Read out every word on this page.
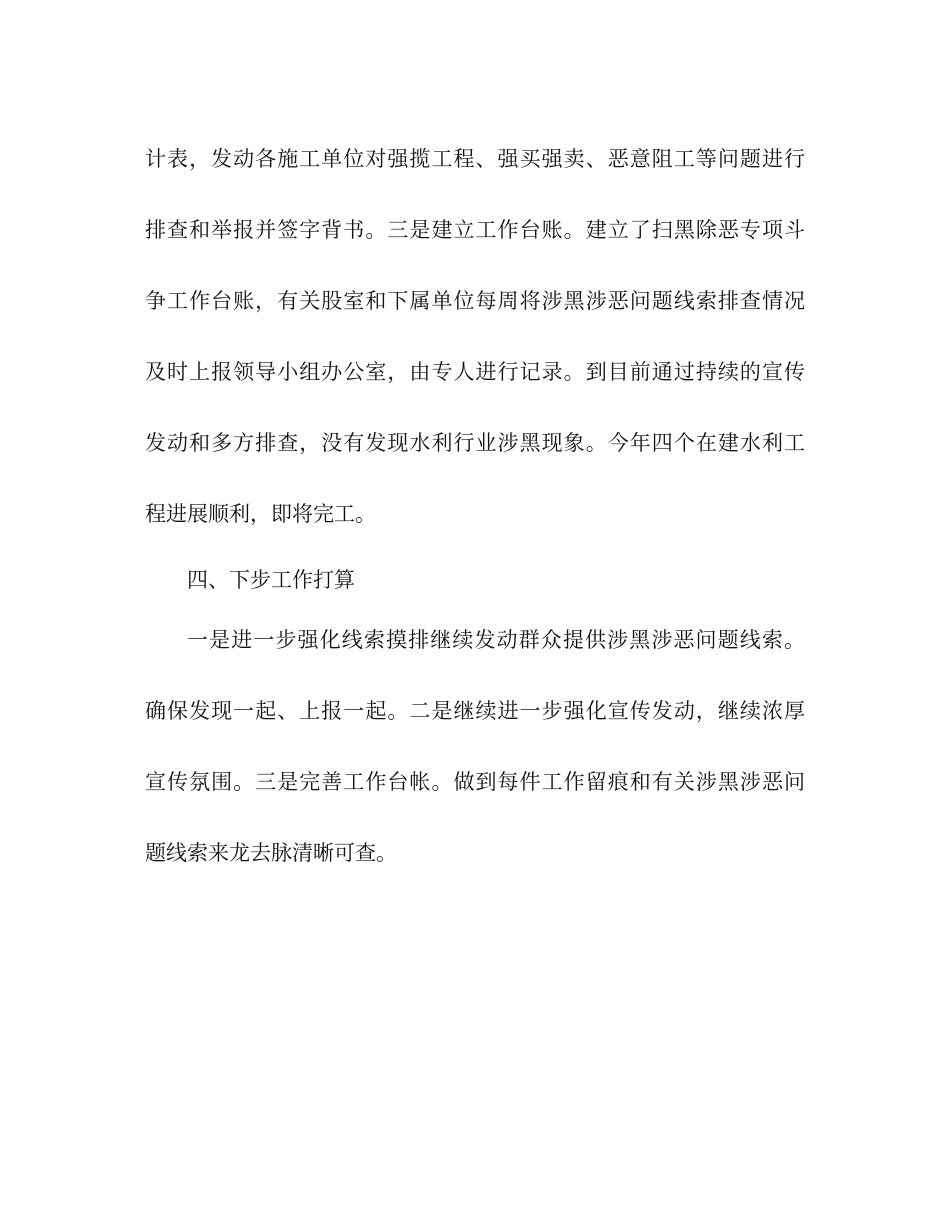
计表，发动各施工单位对强揽工程、强买强卖、恶意阻工等问题进行
排查和举报并签字背书。三是建立工作台账。建立了扫黑除恶专项斗
争工作台账，有关股室和下属单位每周将涉黑涉恶问题线索排查情况
及时上报领导小组办公室，由专人进行记录。到目前通过持续的宣传
发动和多方排查，没有发现水利行业涉黑现象。今年四个在建水利工
程进展顺利，即将完工。
四、下步工作打算
一是进一步强化线索摸排继续发动群众提供涉黑涉恶问题线索。
确保发现一起、上报一起。二是继续进一步强化宣传发动，继续浓厚
宣传氛围。三是完善工作台帐。做到每件工作留痕和有关涉黑涉恶问
题线索来龙去脉清晰可查。
